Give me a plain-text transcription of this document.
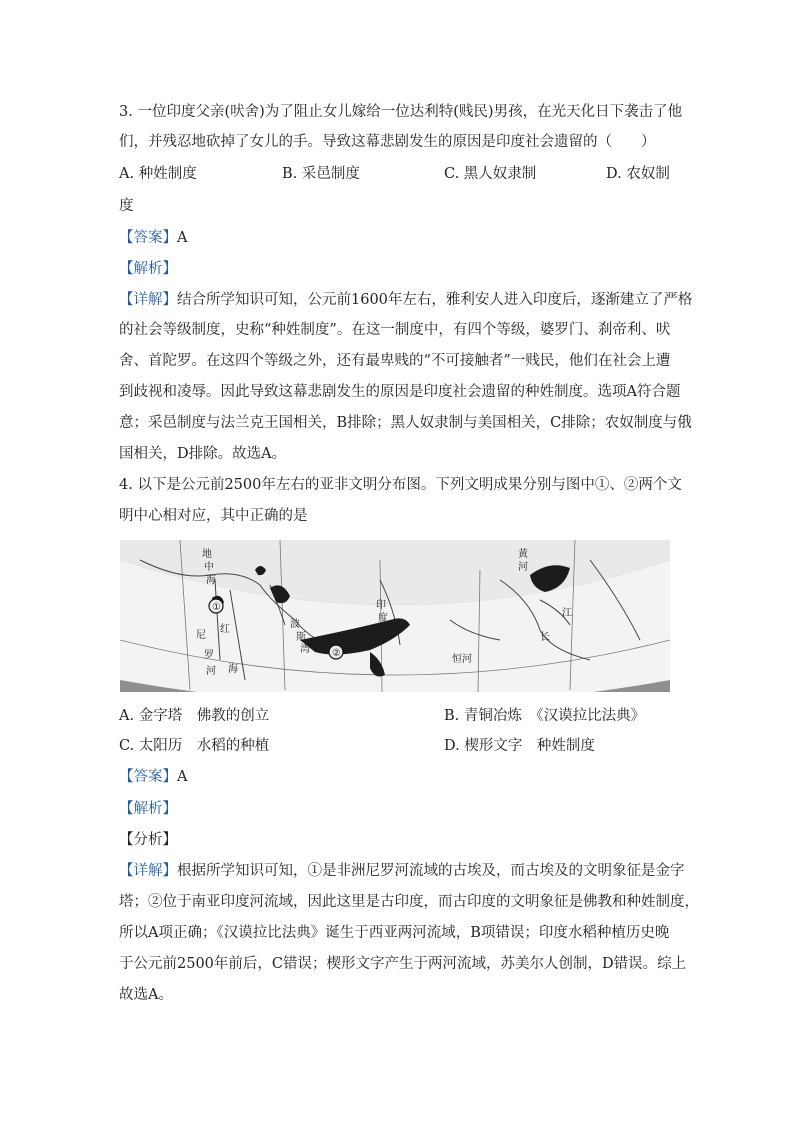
3. 一位印度父亲(吠舍)为了阻止女儿嫁给一位达利特(贱民)男孩，在光天化日下袭击了他
们，并残忍地砍掉了女儿的手。导致这幕悲剧发生的原因是印度社会遗留的（　　）
A. 种姓制度	B. 采邑制度	C. 黑人奴隶制	D. 农奴制
度
【答案】A
【解析】
【详解】结合所学知识可知，公元前1600年左右，雅利安人进入印度后，逐渐建立了严格
的社会等级制度，史称“种姓制度”。在这一制度中，有四个等级，婆罗门、刹帝利、吠
舍、首陀罗。在这四个等级之外，还有最卑贱的“不可接触者”一贱民，他们在社会上遭
到歧视和凌辱。因此导致这幕悲剧发生的原因是印度社会遗留的种姓制度。选项A符合题
意；采邑制度与法兰克王国相关，B排除；黑人奴隶制与美国相关，C排除；农奴制度与俄
国相关，D排除。故选A。
4. 以下是公元前2500年左右的亚非文明分布图。下列文明成果分别与图中①、②两个文
明中心相对应，其中正确的是
地
中
海
①
②
尼
罗
河
红
海
波
斯
湾
印
度
河
恒河
黄
河
长
江
A. 金字塔　佛教的创立	B. 青铜冶炼　《汉谟拉比法典》
C. 太阳历　水稻的种植	D. 楔形文字　种姓制度
【答案】A
【解析】
【分析】
【详解】根据所学知识可知，①是非洲尼罗河流域的古埃及，而古埃及的文明象征是金字
塔；②位于南亚印度河流域，因此这里是古印度，而古印度的文明象征是佛教和种姓制度，
所以A项正确；《汉谟拉比法典》诞生于西亚两河流域，B项错误；印度水稻种植历史晚
于公元前2500年前后，C错误；楔形文字产生于两河流域，苏美尔人创制，D错误。综上
故选A。
